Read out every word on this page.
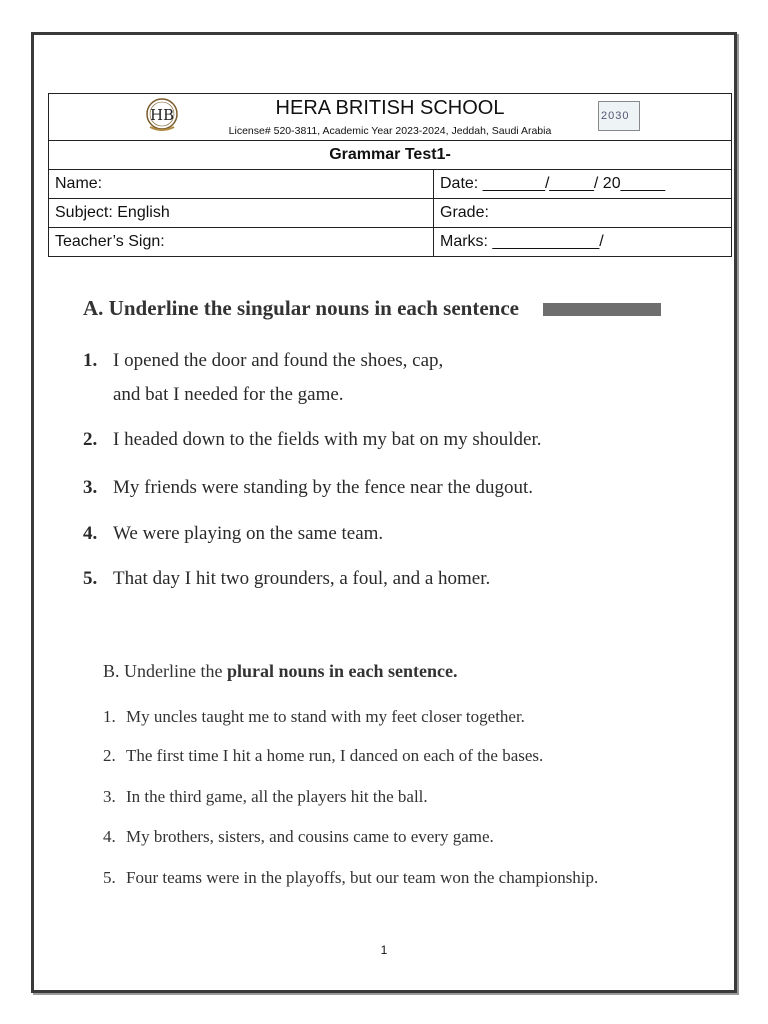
HB HERA BRITISH SCHOOL
License# 520-3811, Academic Year 2023-2024, Jeddah, Saudi Arabia
2030	

Grammar Test1-	
Name:	Date: _______/_____/ 20_____
Subject: English	Grade:
Teacher’s Sign:	Marks: ____________/
A. Underline the singular nouns in each sentence
1. I opened the door and found the shoes, cap,
and bat I needed for the game.
2. I headed down to the fields with my bat on my shoulder.
3. My friends were standing by the fence near the dugout.
4. We were playing on the same team.
5. That day I hit two grounders, a foul, and a homer.
B. Underline the plural nouns in each sentence.
1. My uncles taught me to stand with my feet closer together.
2. The first time I hit a home run, I danced on each of the bases.
3. In the third game, all the players hit the ball.
4. My brothers, sisters, and cousins came to every game.
5. Four teams were in the playoffs, but our team won the championship.
1
